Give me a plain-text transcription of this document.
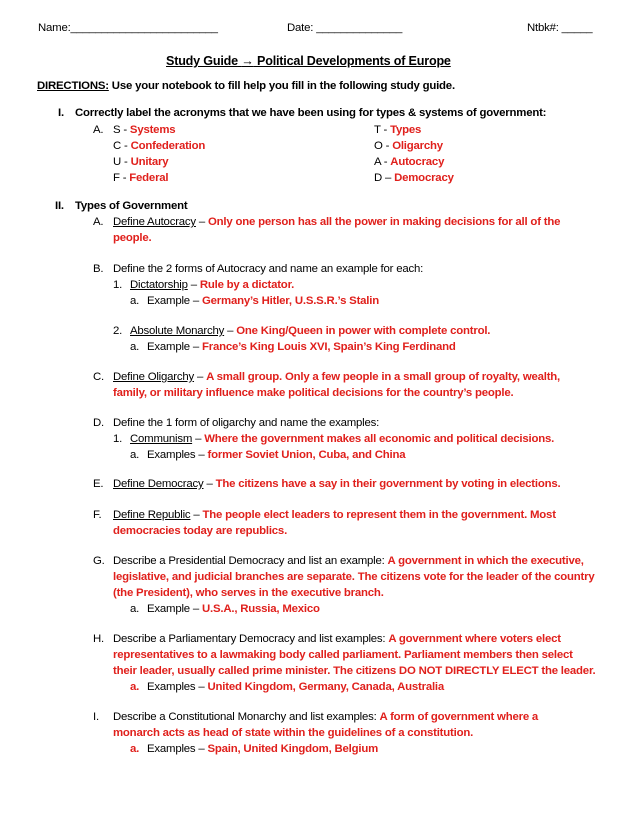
Name:________________________	Date: ______________	Ntbk#: _____
Study Guide → Political Developments of Europe
DIRECTIONS: Use your notebook to fill help you fill in the following study guide.
I. Correctly label the acronyms that we have been using for types & systems of government:
A. S - Systems
C - Confederation
U - Unitary
F - Federal
T - Types
O - Oligarchy
A - Autocracy
D – Democracy
II. Types of Government
A. Define Autocracy – Only one person has all the power in making decisions for all of the
people.
B. Define the 2 forms of Autocracy and name an example for each:
1. Dictatorship – Rule by a dictator.
a. Example – Germany’s Hitler, U.S.S.R.’s Stalin
2. Absolute Monarchy – One King/Queen in power with complete control.
a. Example – France’s King Louis XVI, Spain’s King Ferdinand
C. Define Oligarchy – A small group. Only a few people in a small group of royalty, wealth,
family, or military influence make political decisions for the country’s people.
D. Define the 1 form of oligarchy and name the examples:
1. Communism – Where the government makes all economic and political decisions.
a. Examples – former Soviet Union, Cuba, and China
E. Define Democracy – The citizens have a say in their government by voting in elections.
F. Define Republic – The people elect leaders to represent them in the government. Most
democracies today are republics.
G. Describe a Presidential Democracy and list an example: A government in which the executive,
legislative, and judicial branches are separate. The citizens vote for the leader of the country
(the President), who serves in the executive branch.
a. Example – U.S.A., Russia, Mexico
H. Describe a Parliamentary Democracy and list examples: A government where voters elect
representatives to a lawmaking body called parliament. Parliament members then select
their leader, usually called prime minister. The citizens DO NOT DIRECTLY ELECT the leader.
a. Examples – United Kingdom, Germany, Canada, Australia
I. Describe a Constitutional Monarchy and list examples: A form of government where a
monarch acts as head of state within the guidelines of a constitution.
a. Examples – Spain, United Kingdom, Belgium
